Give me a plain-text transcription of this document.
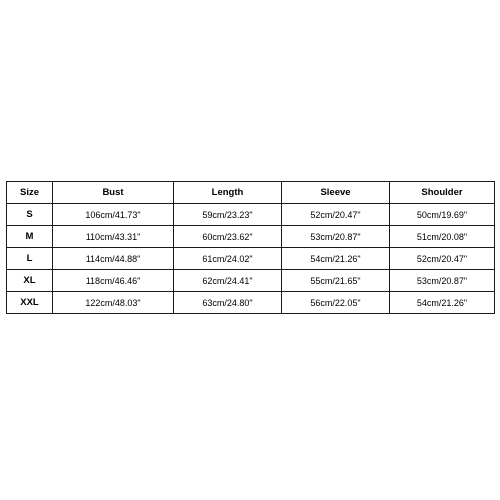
Size	Bust	Length	Sleeve	Shoulder
S	106cm/41.73"	59cm/23.23"	52cm/20.47"	50cm/19.69"
M	110cm/43.31"	60cm/23.62"	53cm/20.87"	51cm/20.08"
L	114cm/44.88"	61cm/24.02"	54cm/21.26"	52cm/20.47"
XL	118cm/46.46"	62cm/24.41"	55cm/21.65"	53cm/20.87"
XXL	122cm/48.03"	63cm/24.80"	56cm/22.05"	54cm/21.26"
